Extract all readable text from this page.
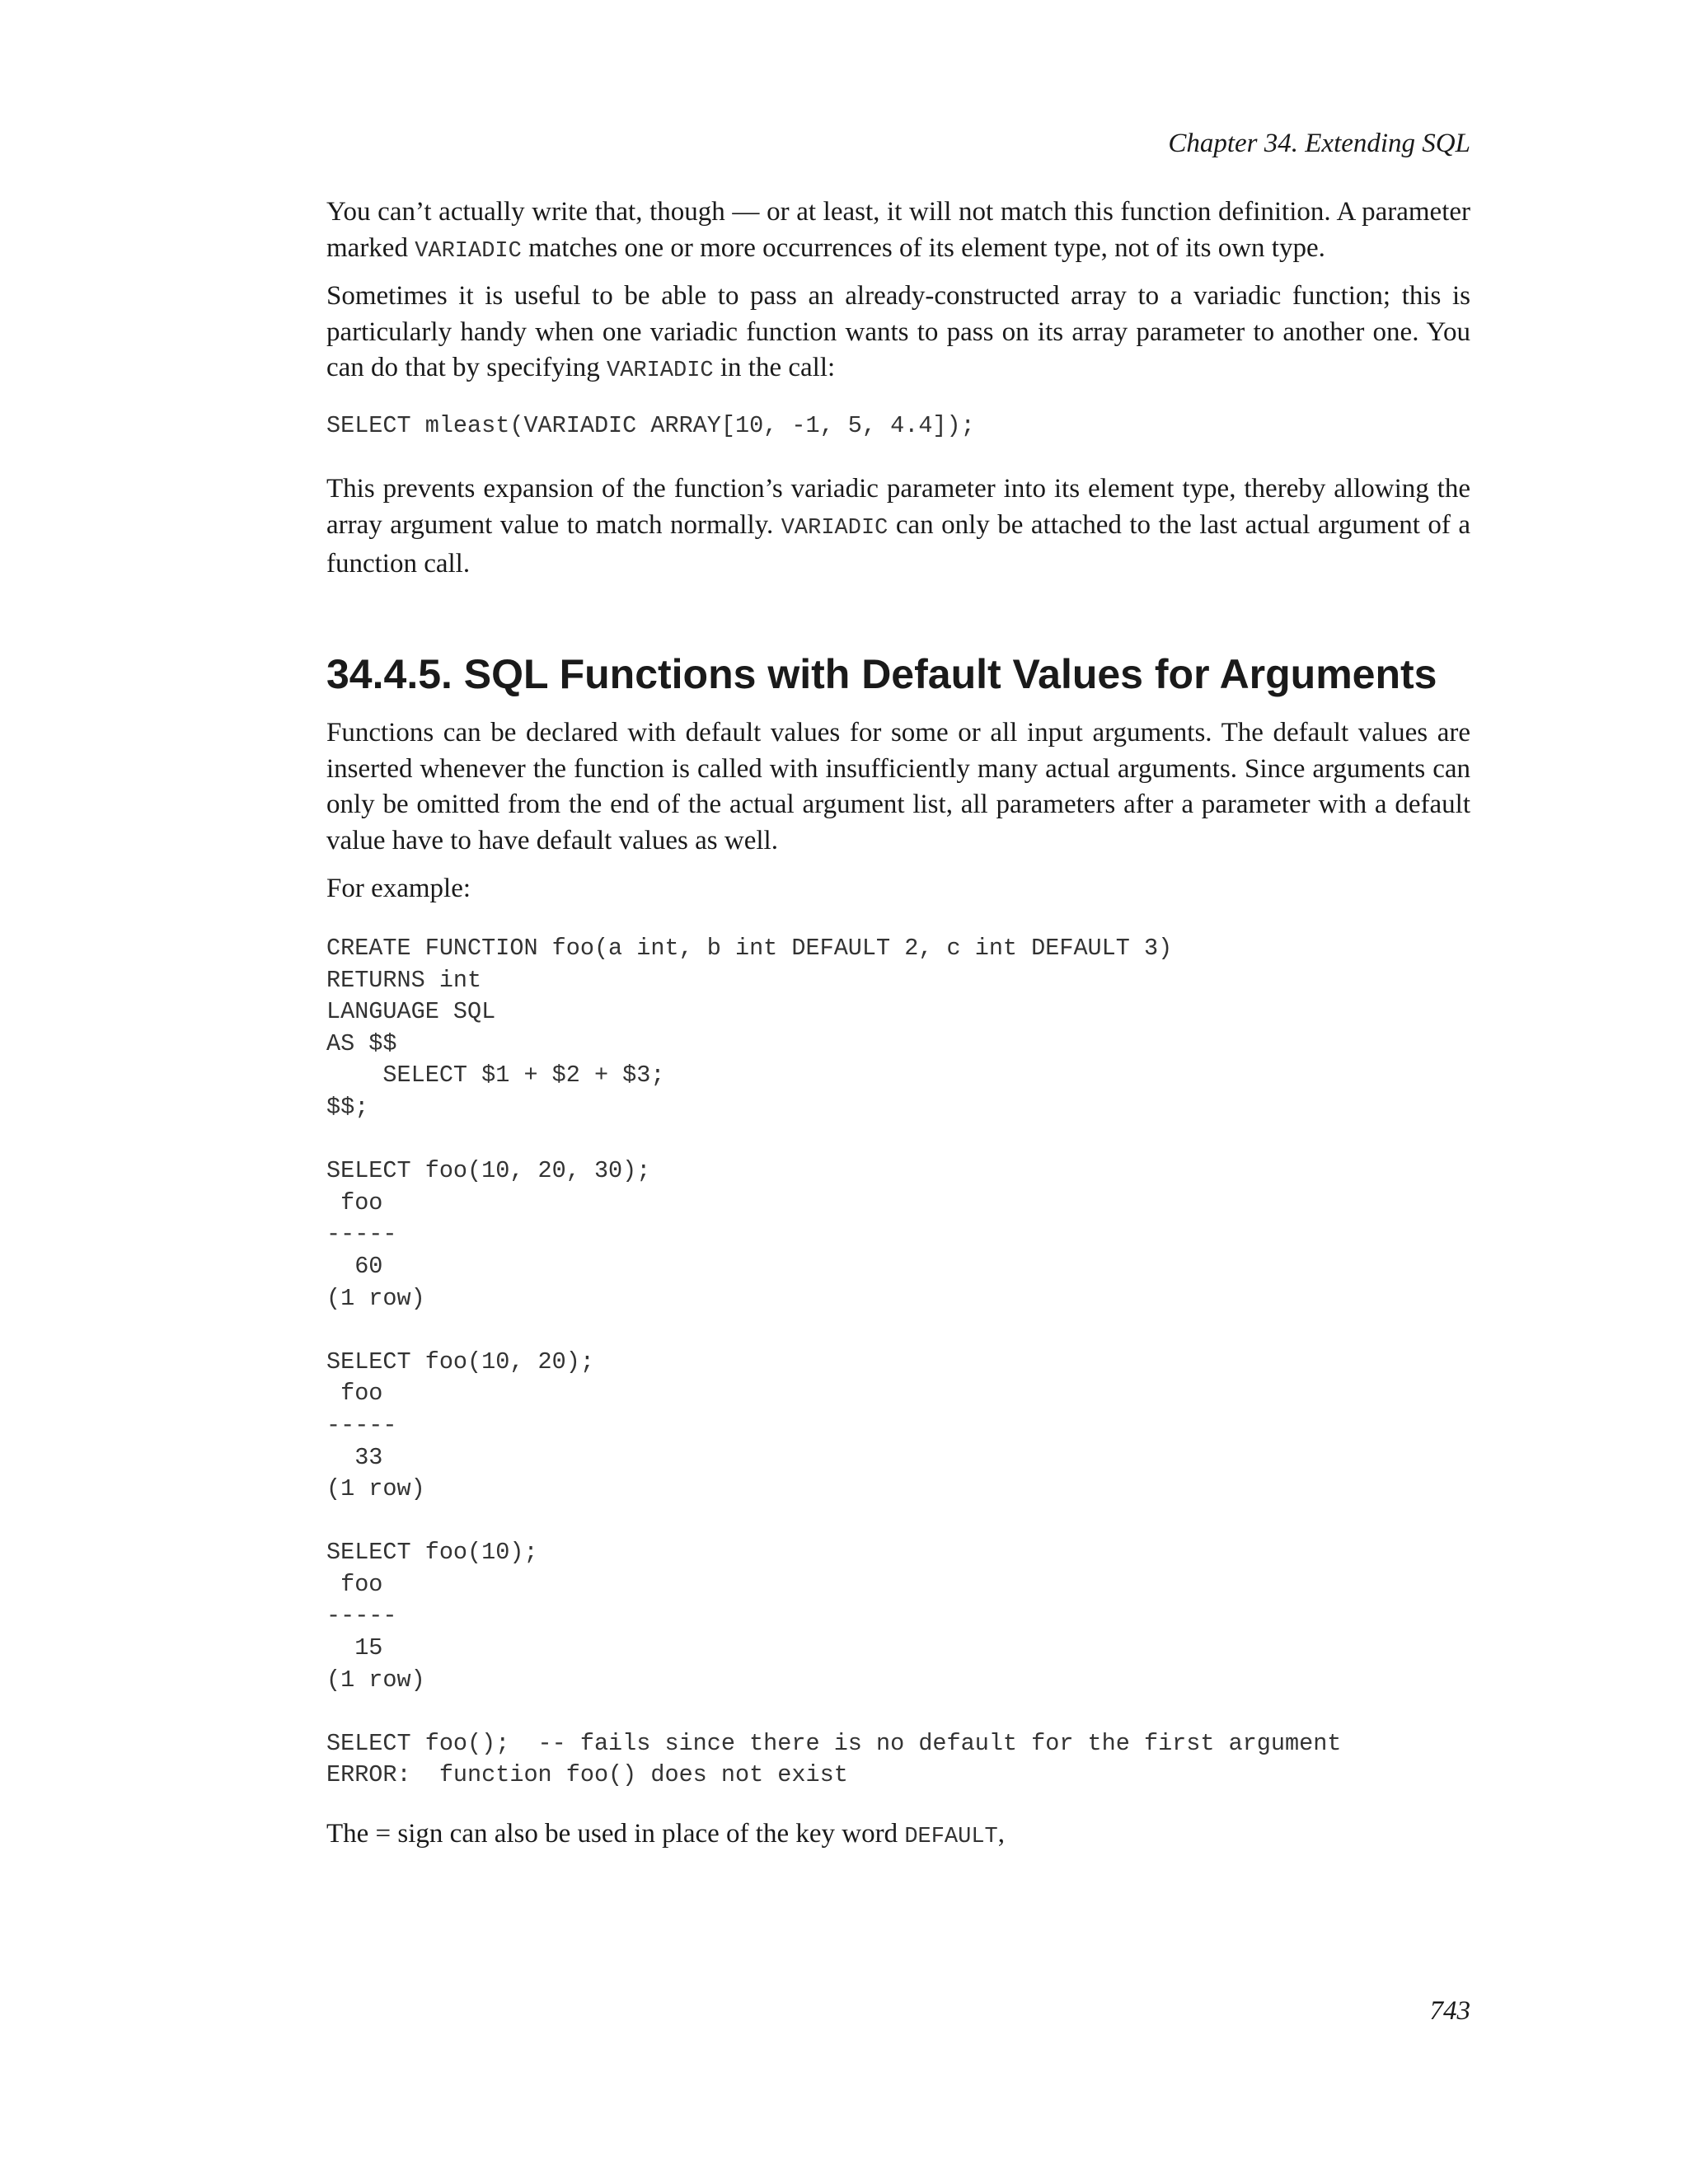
Chapter 34. Extending SQL

You can’t actually write that, though — or at least, it will not match this function definition. A parameter marked VARIADIC matches one or more occurrences of its element type, not of its own type.

Sometimes it is useful to be able to pass an already-constructed array to a variadic function; this is particularly handy when one variadic function wants to pass on its array parameter to another one. You can do that by specifying VARIADIC in the call:

SELECT mleast(VARIADIC ARRAY[10, -1, 5, 4.4]);

This prevents expansion of the function’s variadic parameter into its element type, thereby allowing the array argument value to match normally. VARIADIC can only be attached to the last actual argument of a function call.

34.4.5. SQL Functions with Default Values for Arguments

Functions can be declared with default values for some or all input arguments. The default values are inserted whenever the function is called with insufficiently many actual arguments. Since arguments can only be omitted from the end of the actual argument list, all parameters after a parameter with a default value have to have default values as well.

For example:

CREATE FUNCTION foo(a int, b int DEFAULT 2, c int DEFAULT 3)
RETURNS int
LANGUAGE SQL
AS $$
SELECT $1 + $2 + $3;
$$;

SELECT foo(10, 20, 30);
foo
-----
60
(1 row)

SELECT foo(10, 20);
foo
-----
33
(1 row)

SELECT foo(10);
foo
-----
15
(1 row)

SELECT foo();  -- fails since there is no default for the first argument
ERROR:  function foo() does not exist

The = sign can also be used in place of the key word DEFAULT,

743
